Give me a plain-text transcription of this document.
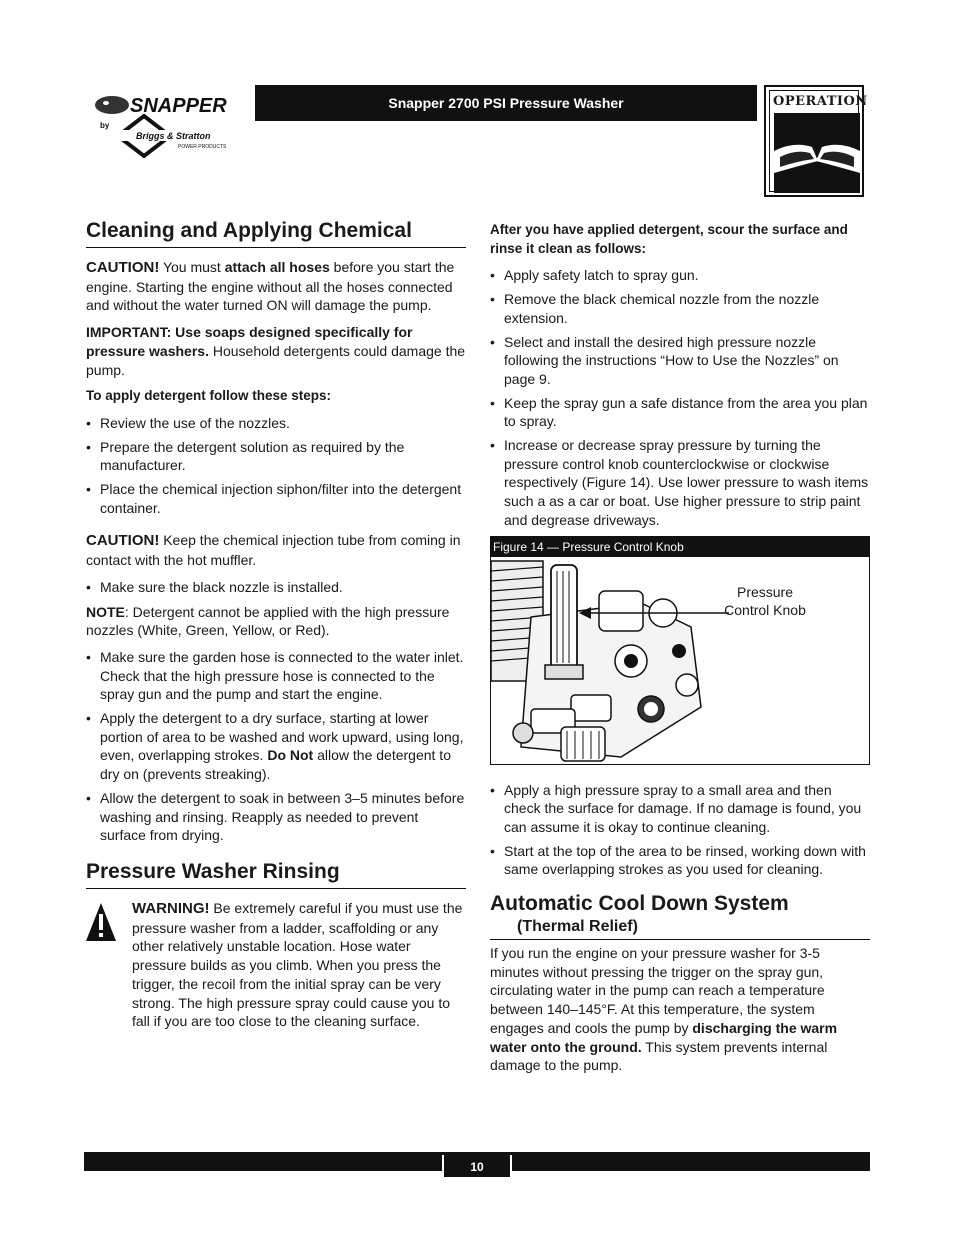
SNAPPER
by
Briggs & Stratton
POWER PRODUCTS
Snapper 2700 PSI Pressure Washer	OPERATION
Cleaning and Applying Chemical

CAUTION! You must attach all hoses before you start the engine. Starting the engine without all the hoses connected and without the water turned ON will damage the pump.

IMPORTANT: Use soaps designed specifically for pressure washers. Household detergents could damage the pump.

To apply detergent follow these steps:

• Review the use of the nozzles.
• Prepare the detergent solution as required by the manufacturer.
• Place the chemical injection siphon/filter into the detergent container.

CAUTION! Keep the chemical injection tube from coming in contact with the hot muffler.

• Make sure the black nozzle is installed.

NOTE: Detergent cannot be applied with the high pressure nozzles (White, Green, Yellow, or Red).

• Make sure the garden hose is connected to the water inlet. Check that the high pressure hose is connected to the spray gun and the pump and start the engine.
• Apply the detergent to a dry surface, starting at lower portion of area to be washed and work upward, using long, even, overlapping strokes. Do Not allow the detergent to dry on (prevents streaking).
• Allow the detergent to soak in between 3–5 minutes before washing and rinsing. Reapply as needed to prevent surface from drying.
Pressure Washer Rinsing

WARNING! Be extremely careful if you must use the pressure washer from a ladder, scaffolding or any other relatively unstable location. Hose water pressure builds as you climb. When you press the trigger, the recoil from the initial spray can be very strong. The high pressure spray could cause you to fall if you are too close to the cleaning surface.

After you have applied detergent, scour the surface and rinse it clean as follows:

• Apply safety latch to spray gun.
• Remove the black chemical nozzle from the nozzle extension.
• Select and install the desired high pressure nozzle following the instructions “How to Use the Nozzles” on page 9.
• Keep the spray gun a safe distance from the area you plan to spray.
• Increase or decrease spray pressure by turning the pressure control knob counterclockwise or clockwise respectively (Figure 14). Use lower pressure to wash items such a as a car or boat. Use higher pressure to strip paint and degrease driveways.
Figure 14 — Pressure Control Knob
Pressure Control Knob
• Apply a high pressure spray to a small area and then check the surface for damage. If no damage is found, you can assume it is okay to continue cleaning.
• Start at the top of the area to be rinsed, working down with same overlapping strokes as you used for cleaning.
Automatic Cool Down System
(Thermal Relief)

If you run the engine on your pressure washer for 3-5 minutes without pressing the trigger on the spray gun, circulating water in the pump can reach a temperature between 140–145°F. At this temperature, the system engages and cools the pump by discharging the warm water onto the ground. This system prevents internal damage to the pump.

10
